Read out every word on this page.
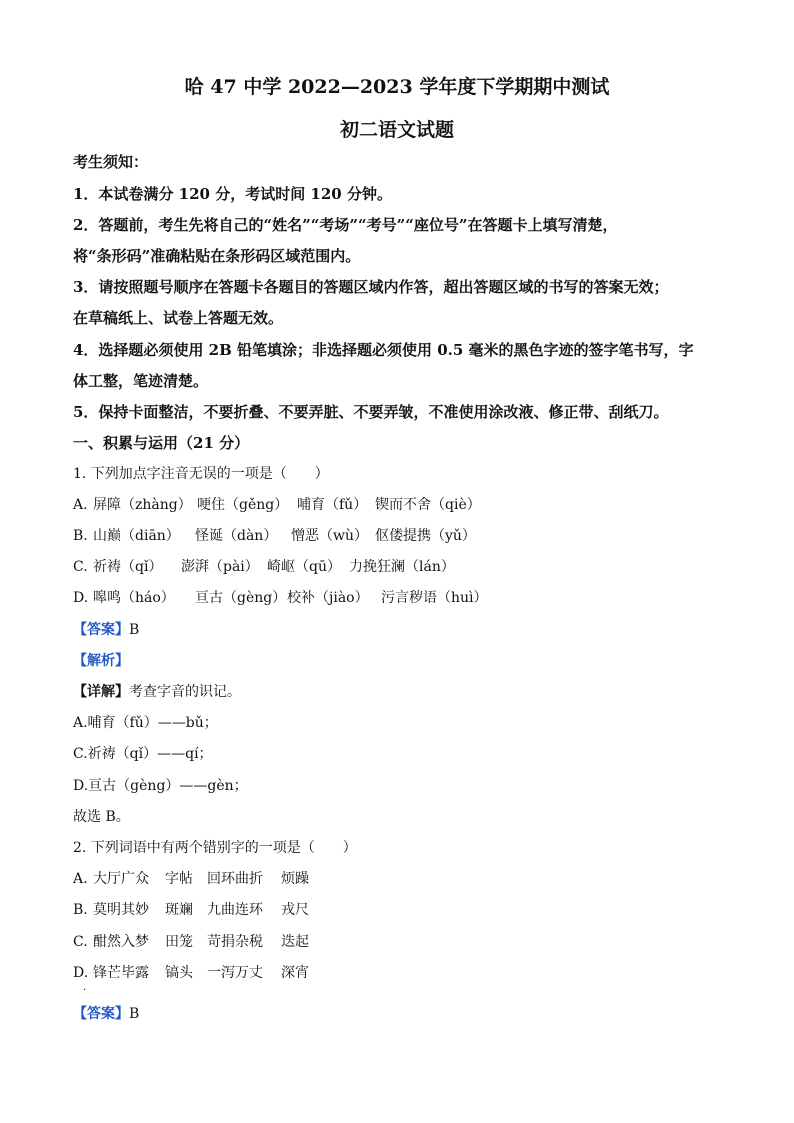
哈 47 中学 2022—2023 学年度下学期期中测试
初二语文试题
考生须知：
1．本试卷满分 120 分，考试时间 120 分钟。
2．答题前，考生先将自己的“姓名”“考场”“考号”“座位号”在答题卡上填写清楚，
将“条形码”准确粘贴在条形码区域范围内。
3．请按照题号顺序在答题卡各题目的答题区域内作答，超出答题区域的书写的答案无效；
在草稿纸上、试卷上答题无效。
4．选择题必须使用 2B 铅笔填涂；非选择题必须使用 0.5 毫米的黑色字迹的签字笔书写，字
体工整，笔迹清楚。
5．保持卡面整洁，不要折叠、不要弄脏、不要弄皱，不准使用涂改液、修正带、刮纸刀。
一、积累与运用（21 分）
1. 下列加点字注音无误的一项是（　　）
A. 屏障（zhàng） 哽住（gěng） 哺育（fǔ） 锲而不舍（qiè）
B. 山巅（diān） 怪诞（dàn） 憎恶（wù） 伛偻提携（yǔ）
C. 祈祷（qǐ） 澎湃（pài） 崎岖（qū） 力挽狂澜（lán）
D. 嗥鸣（háo） 亘古（gèng）校补（jiào） 污言秽语（huì）
【答案】B
【解析】
【详解】考查字音的识记。
A.哺育（fǔ）——bǔ；
C.祈祷（qǐ）——qí；
D.亘古（gèng）——gèn；
故选 B。
2. 下列词语中有两个错别字的一项是（　　）
A. 大厅广众 字帖 回环曲折 烦躁
B. 莫明其妙 斑斓 九曲连环 戎尺
C. 酣然入梦 田笼 苛捐杂税 迭起
D. 锋芒毕露 镐头 一泻万丈 深宵
·
【答案】B
